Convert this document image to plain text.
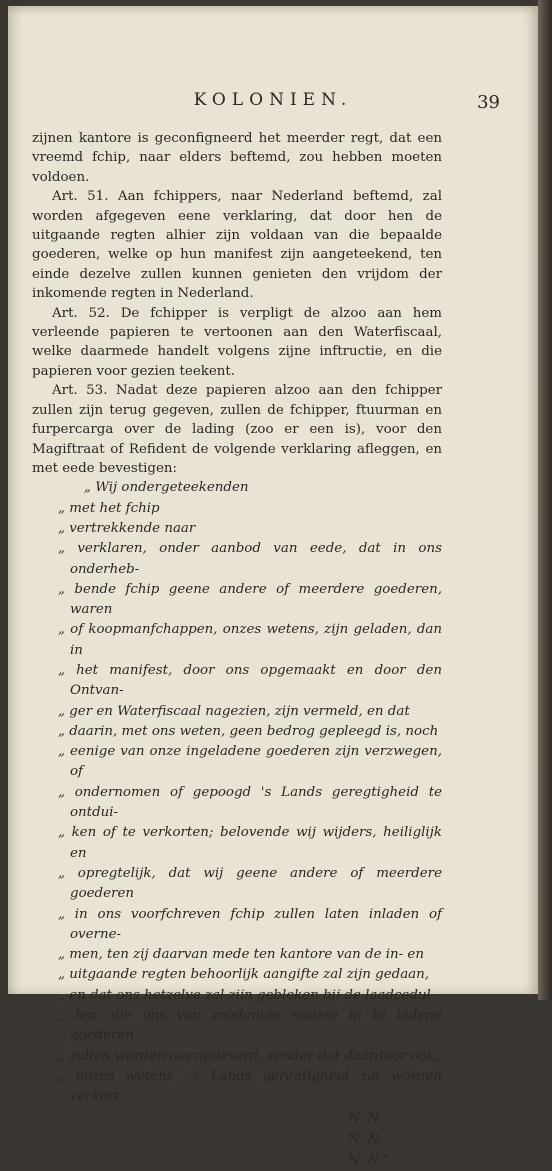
KOLONIEN.	39

zijnen kantore is geconfigneerd het meerder regt, dat een vreemd fchip, naar elders beftemd, zou hebben moeten voldoen.

Art. 51. Aan fchippers, naar Nederland beftemd, zal worden afgegeven eene verklaring, dat door hen de uitgaande regten alhier zijn voldaan van die bepaalde goederen, welke op hun manifest zijn aangeteekend, ten einde dezelve zullen kunnen genieten den vrijdom der inkomende regten in Nederland.

Art. 52. De fchipper is verpligt de alzoo aan hem verleende papieren te vertoonen aan den Waterfiscaal, welke daarmede handelt volgens zijne inftructie, en die papieren voor gezien teekent.

Art. 53. Nadat deze papieren alzoo aan den fchipper zullen zijn terug gegeven, zullen de fchipper, ftuurman en furpercarga over de lading (zoo er een is), voor den Magiftraat of Refident de volgende verklaring afleggen, en met eede bevestigen:

„ Wij ondergeteekenden
„ met het fchip
„ vertrekkende naar
„ verklaren, onder aanbod van eede, dat in ons onderheb-
„ bende fchip geene andere of meerdere goederen, waren
„ of koopmanfchappen, onzes wetens, zijn geladen, dan in
„ het manifest, door ons opgemaakt en door den Ontvan-
„ ger en Waterfiscaal nagezien, zijn vermeld, en dat
„ daarin, met ons weten, geen bedrog gepleegd is, noch
„ eenige van onze ingeladene goederen zijn verzwegen, of
„ ondernomen of gepoogd 's Lands geregtigheid te ontdui-
„ ken of te verkorten; belovende wij wijders, heiliglijk en
„ opregtelijk, dat wij geene andere of meerdere goederen
„ in ons voorfchreven fchip zullen laten inladen of overne-
„ men, ten zij daarvan mede ten kantore van de in- en
„ uitgaande regten behoorlijk aangifte zal zijn gedaan,
„ en dat ons hetzelve zal zijn gebleken bij de laadcedul-
„ len, die ons van zoodanige nadere in te ladene goederen
„ zullen worden overgeleverd, zonder dat daardoor ook,
„ onzes wetens, 's Lands geregtigheid zal worden verkort.
N. N.
N. N.
N. N.”
